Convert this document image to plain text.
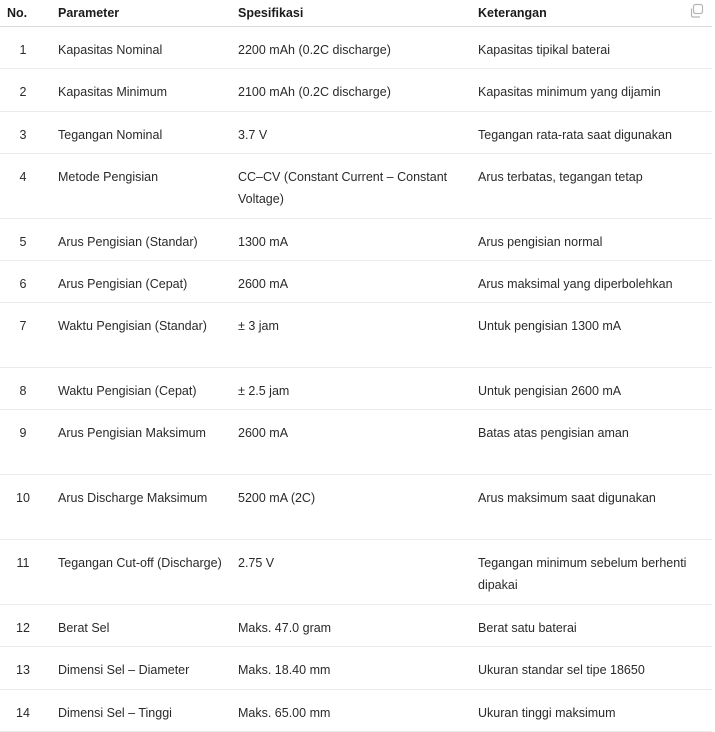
No.	Parameter	Spesifikasi	Keterangan
1	Kapasitas Nominal	2200 mAh (0.2C discharge)	Kapasitas tipikal baterai
2	Kapasitas Minimum	2100 mAh (0.2C discharge)	Kapasitas minimum yang dijamin
3	Tegangan Nominal	3.7 V	Tegangan rata-rata saat digunakan
4	Metode Pengisian	CC–CV (Constant Current – Constant Voltage)	Arus terbatas, tegangan tetap
5	Arus Pengisian (Standar)	1300 mA	Arus pengisian normal
6	Arus Pengisian (Cepat)	2600 mA	Arus maksimal yang diperbolehkan
7	Waktu Pengisian (Standar)	± 3 jam	Untuk pengisian 1300 mA
8	Waktu Pengisian (Cepat)	± 2.5 jam	Untuk pengisian 2600 mA
9	Arus Pengisian Maksimum	2600 mA	Batas atas pengisian aman
10	Arus Discharge Maksimum	5200 mA (2C)	Arus maksimum saat digunakan
11	Tegangan Cut-off (Discharge)	2.75 V	Tegangan minimum sebelum berhenti dipakai
12	Berat Sel	Maks. 47.0 gram	Berat satu baterai
13	Dimensi Sel – Diameter	Maks. 18.40 mm	Ukuran standar sel tipe 18650
14	Dimensi Sel – Tinggi	Maks. 65.00 mm	Ukuran tinggi maksimum
